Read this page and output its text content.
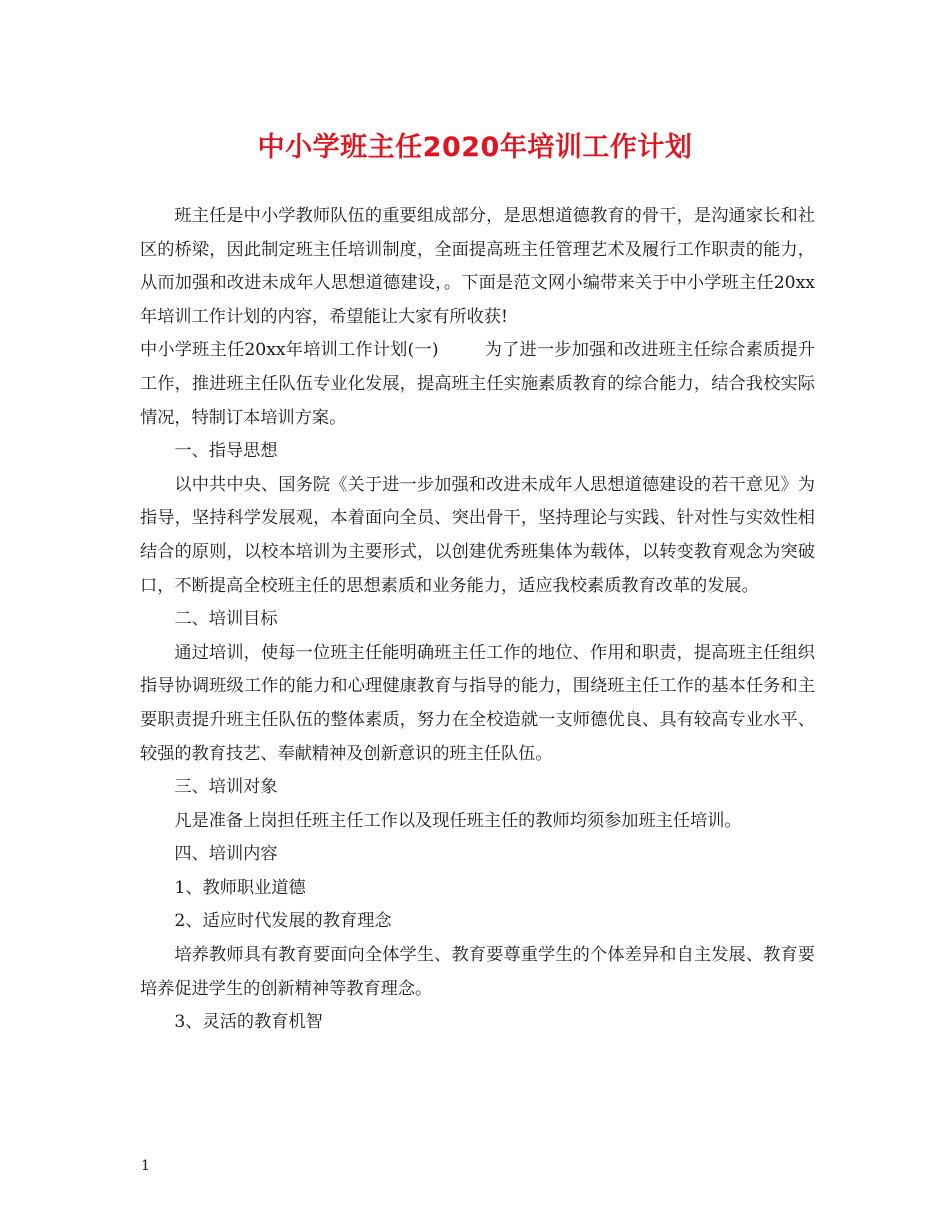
中小学班主任2020年培训工作计划

班主任是中小学教师队伍的重要组成部分，是思想道德教育的骨干，是沟通家长和社区的桥梁，因此制定班主任培训制度，全面提高班主任管理艺术及履行工作职责的能力，从而加强和改进未成年人思想道德建设，。下面是范文网小编带来关于中小学班主任20xx年培训工作计划的内容，希望能让大家有所收获!

中小学班主任20xx年培训工作计划(一)	为了进一步加强和改进班主任综合素质提升工作，推进班主任队伍专业化发展，提高班主任实施素质教育的综合能力，结合我校实际情况，特制订本培训方案。

一、指导思想

以中共中央、国务院《关于进一步加强和改进未成年人思想道德建设的若干意见》为指导，坚持科学发展观，本着面向全员、突出骨干，坚持理论与实践、针对性与实效性相结合的原则，以校本培训为主要形式，以创建优秀班集体为载体，以转变教育观念为突破口，不断提高全校班主任的思想素质和业务能力，适应我校素质教育改革的发展。

二、培训目标

通过培训，使每一位班主任能明确班主任工作的地位、作用和职责，提高班主任组织指导协调班级工作的能力和心理健康教育与指导的能力，围绕班主任工作的基本任务和主要职责提升班主任队伍的整体素质，努力在全校造就一支师德优良、具有较高专业水平、较强的教育技艺、奉献精神及创新意识的班主任队伍。

三、培训对象

凡是准备上岗担任班主任工作以及现任班主任的教师均须参加班主任培训。

四、培训内容

1、教师职业道德

2、适应时代发展的教育理念

培养教师具有教育要面向全体学生、教育要尊重学生的个体差异和自主发展、教育要培养促进学生的创新精神等教育理念。

3、灵活的教育机智

1
